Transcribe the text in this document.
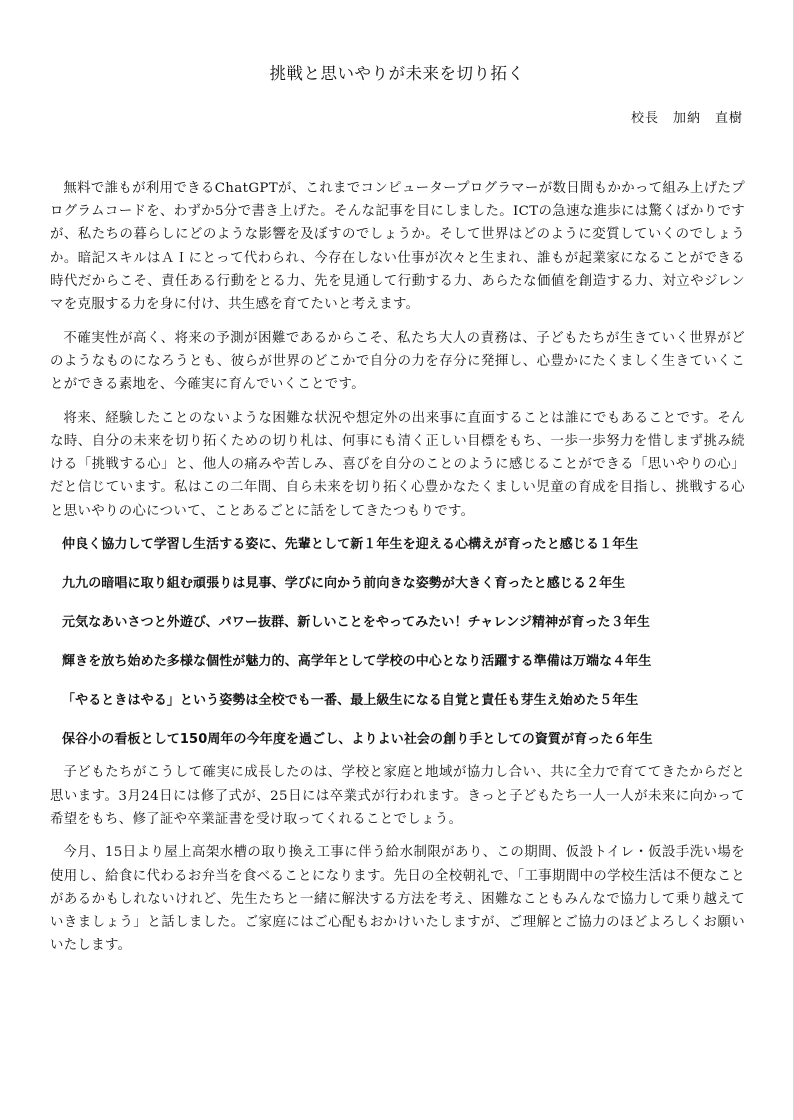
挑戦と思いやりが未来を切り拓く
校長　加納　直樹

無料で誰もが利用できるChatGPTが、これまでコンピュータープログラマーが数日間もかかって組み上げたプログラムコードを、わずか5分で書き上げた。そんな記事を目にしました。ICTの急速な進歩には驚くばかりですが、私たちの暮らしにどのような影響を及ぼすのでしょうか。そして世界はどのように変質していくのでしょうか。暗記スキルはＡＩにとって代わられ、今存在しない仕事が次々と生まれ、誰もが起業家になることができる時代だからこそ、責任ある行動をとる力、先を見通して行動する力、あらたな価値を創造する力、対立やジレンマを克服する力を身に付け、共生感を育てたいと考えます。

不確実性が高く、将来の予測が困難であるからこそ、私たち大人の責務は、子どもたちが生きていく世界がどのようなものになろうとも、彼らが世界のどこかで自分の力を存分に発揮し、心豊かにたくましく生きていくことができる素地を、今確実に育んでいくことです。

将来、経験したことのないような困難な状況や想定外の出来事に直面することは誰にでもあることです。そんな時、自分の未来を切り拓くための切り札は、何事にも清く正しい目標をもち、一歩一歩努力を惜しまず挑み続ける「挑戦する心」と、他人の痛みや苦しみ、喜びを自分のことのように感じることができる「思いやりの心」だと信じています。私はこの二年間、自ら未来を切り拓く心豊かなたくましい児童の育成を目指し、挑戦する心と思いやりの心について、ことあるごとに話をしてきたつもりです。

仲良く協力して学習し生活する姿に、先輩として新１年生を迎える心構えが育ったと感じる１年生
九九の暗唱に取り組む頑張りは見事、学びに向かう前向きな姿勢が大きく育ったと感じる２年生
元気なあいさつと外遊び、パワー抜群、新しいことをやってみたい！チャレンジ精神が育った３年生
輝きを放ち始めた多様な個性が魅力的、高学年として学校の中心となり活躍する準備は万端な４年生
「やるときはやる」という姿勢は全校でも一番、最上級生になる自覚と責任も芽生え始めた５年生
保谷小の看板として150周年の今年度を過ごし、よりよい社会の創り手としての資質が育った６年生

子どもたちがこうして確実に成長したのは、学校と家庭と地域が協力し合い、共に全力で育ててきたからだと思います。3月24日には修了式が、25日には卒業式が行われます。きっと子どもたち一人一人が未来に向かって希望をもち、修了証や卒業証書を受け取ってくれることでしょう。

今月、15日より屋上高架水槽の取り換え工事に伴う給水制限があり、この期間、仮設トイレ・仮設手洗い場を使用し、給食に代わるお弁当を食べることになります。先日の全校朝礼で、「工事期間中の学校生活は不便なことがあるかもしれないけれど、先生たちと一緒に解決する方法を考え、困難なこともみんなで協力して乗り越えていきましょう」と話しました。ご家庭にはご心配もおかけいたしますが、ご理解とご協力のほどよろしくお願いいたします。
